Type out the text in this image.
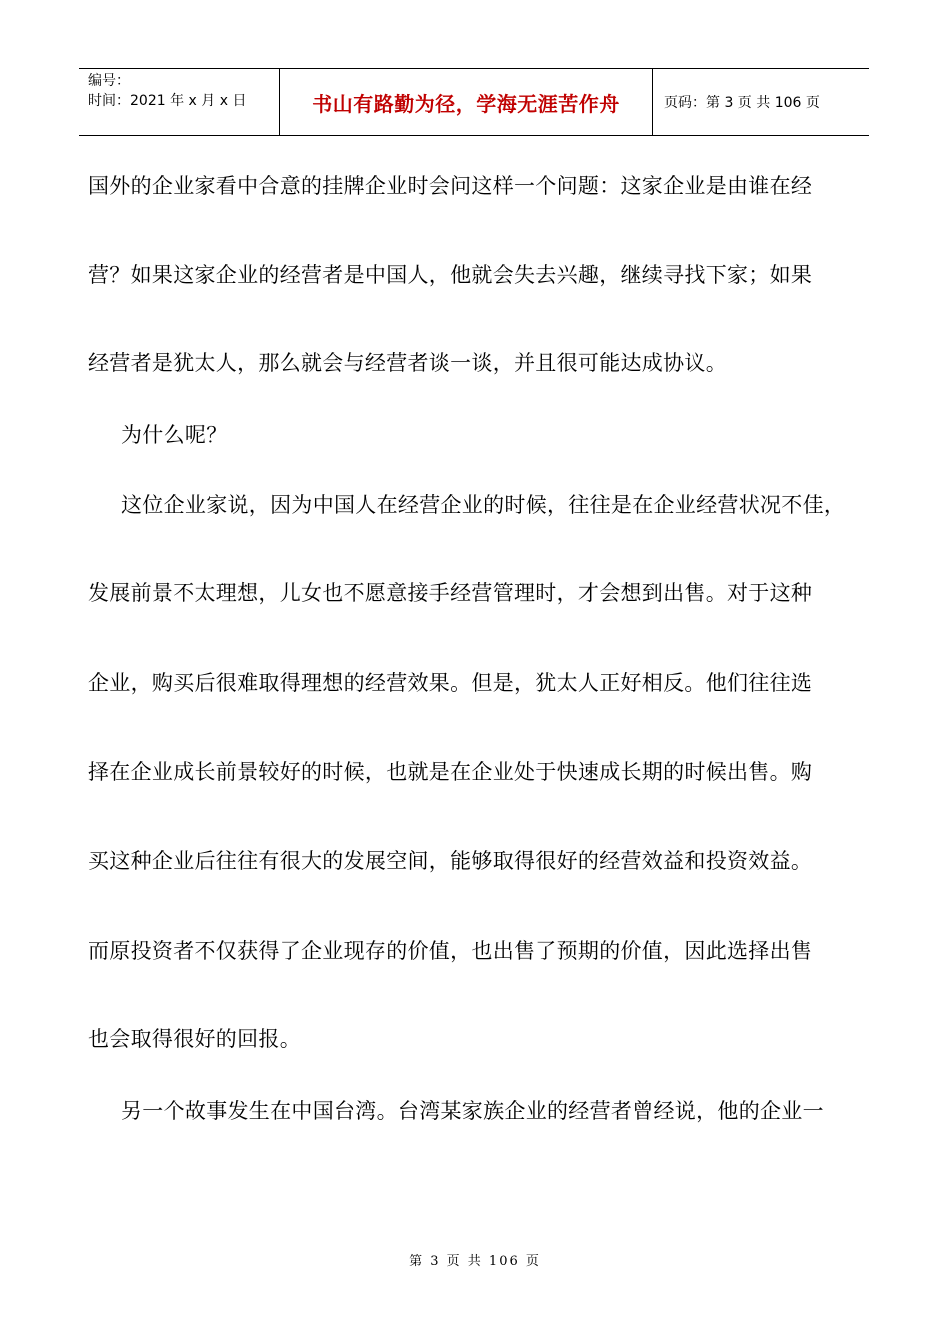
编号：
时间：2021 年 x 月 x 日	书山有路勤为径，学海无涯苦作舟	页码：第 3 页 共 106 页
国外的企业家看中合意的挂牌企业时会问这样一个问题：这家企业是由谁在经
营？如果这家企业的经营者是中国人，他就会失去兴趣，继续寻找下家；如果
经营者是犹太人，那么就会与经营者谈一谈，并且很可能达成协议。
为什么呢？
这位企业家说，因为中国人在经营企业的时候，往往是在企业经营状况不佳，
发展前景不太理想，儿女也不愿意接手经营管理时，才会想到出售。对于这种
企业，购买后很难取得理想的经营效果。但是，犹太人正好相反。他们往往选
择在企业成长前景较好的时候，也就是在企业处于快速成长期的时候出售。购
买这种企业后往往有很大的发展空间，能够取得很好的经营效益和投资效益。
而原投资者不仅获得了企业现存的价值，也出售了预期的价值，因此选择出售
也会取得很好的回报。
另一个故事发生在中国台湾。台湾某家族企业的经营者曾经说，他的企业一
第 3 页 共 106 页
